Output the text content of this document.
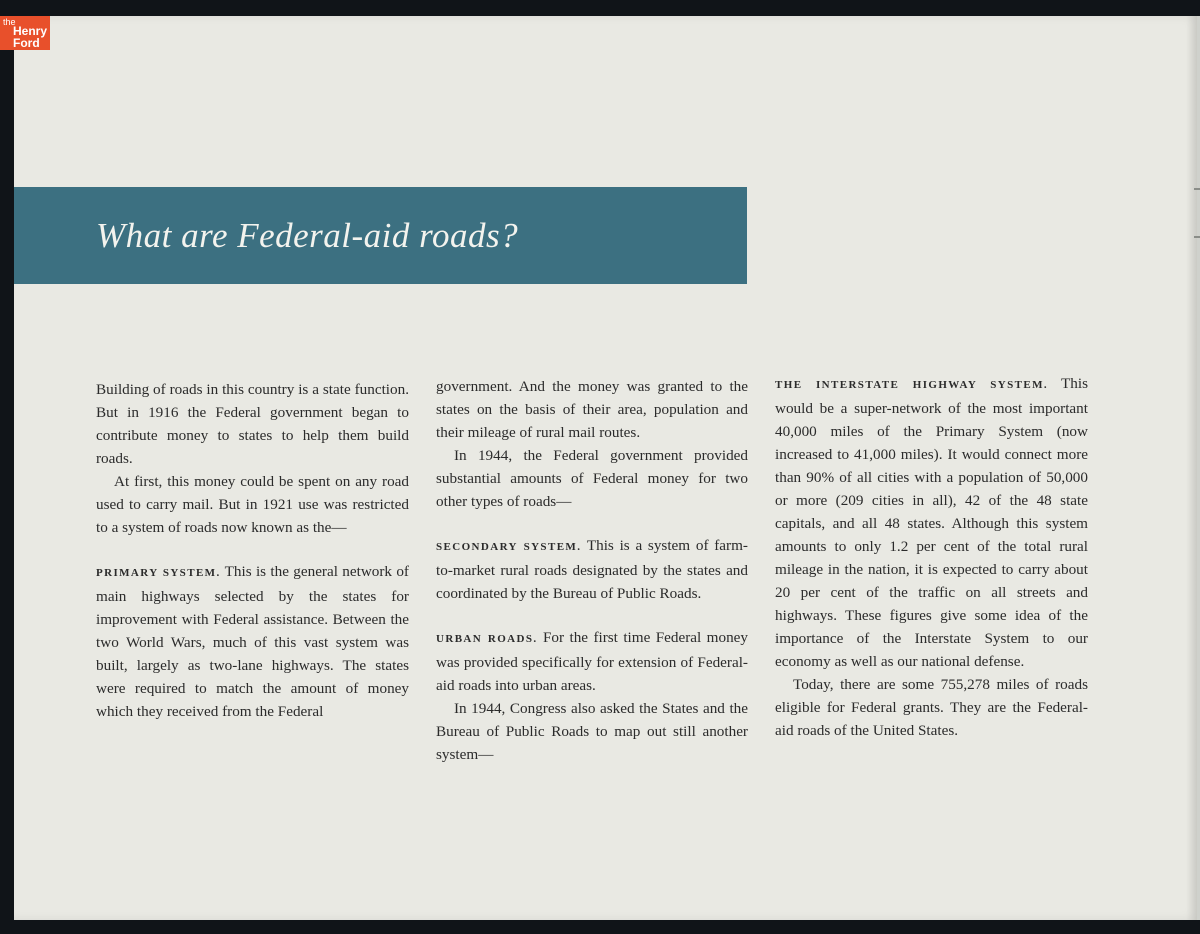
the
Henry
Ford
What are Federal-aid roads?

Building of roads in this country is a state function. But in 1916 the Federal government began to contribute money to states to help them build roads.

At first, this money could be spent on any road used to carry mail. But in 1921 use was restricted to a system of roads now known as the—

PRIMARY SYSTEM. This is the general network of main highways selected by the states for improvement with Federal assistance. Between the two World Wars, much of this vast system was built, largely as two-lane highways. The states were required to match the amount of money which they received from the Federal

government. And the money was granted to the states on the basis of their area, population and their mileage of rural mail routes.

In 1944, the Federal government provided substantial amounts of Federal money for two other types of roads—

SECONDARY SYSTEM. This is a system of farm-to-market rural roads designated by the states and coordinated by the Bureau of Public Roads.

URBAN ROADS. For the first time Federal money was provided specifically for extension of Federal-aid roads into urban areas.

In 1944, Congress also asked the States and the Bureau of Public Roads to map out still another system—

THE INTERSTATE HIGHWAY SYSTEM. This would be a super-network of the most important 40,000 miles of the Primary System (now increased to 41,000 miles). It would connect more than 90% of all cities with a population of 50,000 or more (209 cities in all), 42 of the 48 state capitals, and all 48 states. Although this system amounts to only 1.2 per cent of the total rural mileage in the nation, it is expected to carry about 20 per cent of the traffic on all streets and highways. These figures give some idea of the importance of the Interstate System to our economy as well as our national defense.

Today, there are some 755,278 miles of roads eligible for Federal grants. They are the Federal-aid roads of the United States.
